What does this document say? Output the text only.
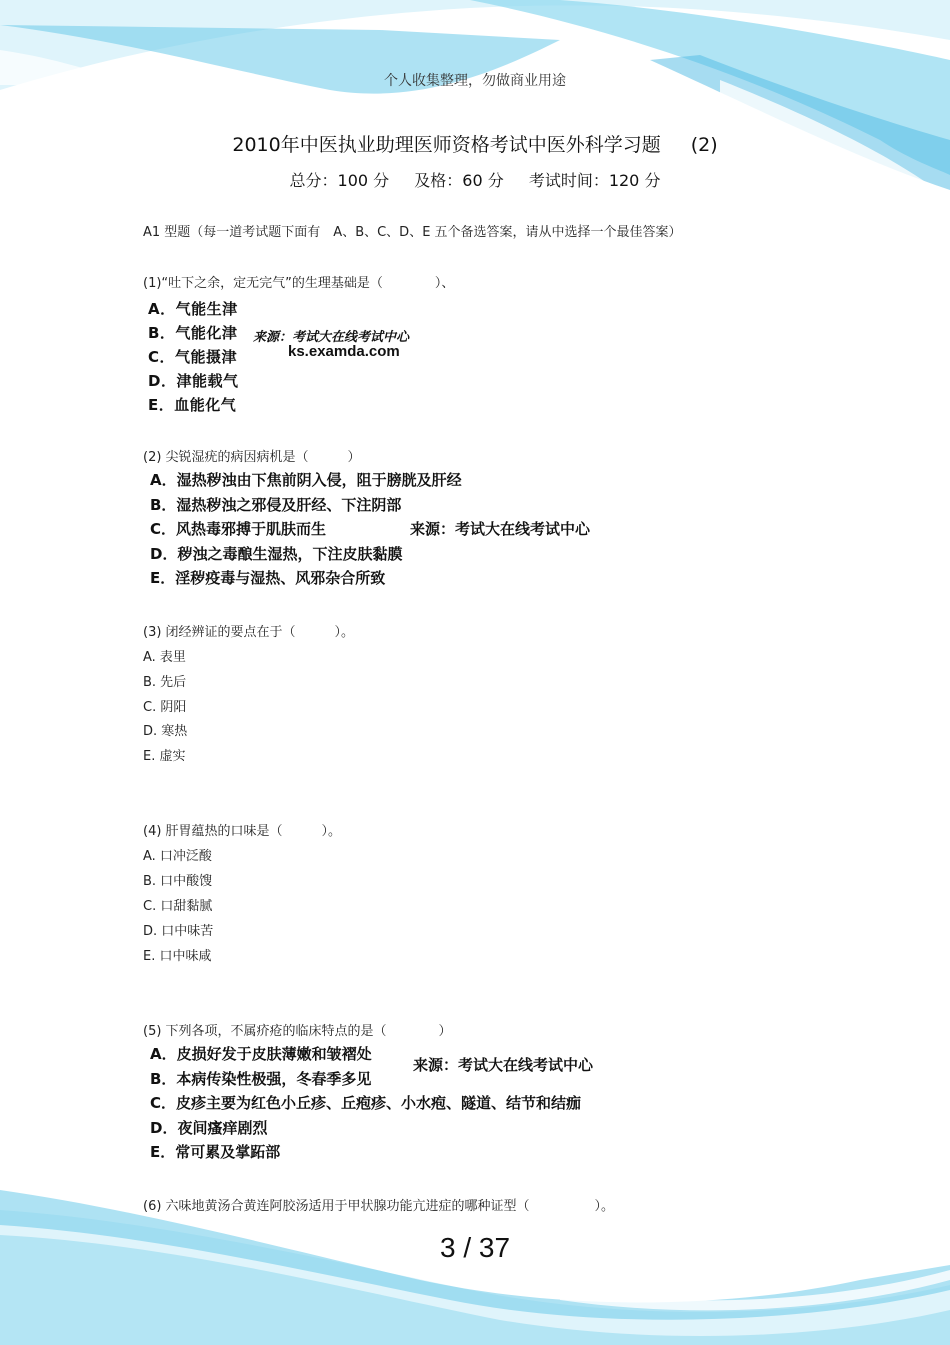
个人收集整理，勿做商业用途
2010年中医执业助理医师资格考试中医外科学习题 (2)
总分：100 分 及格：60 分 考试时间：120 分
A1 型题（每一道考试题下面有　A、B、C、D、E 五个备选答案，请从中选择一个最佳答案）
(1)“吐下之余，定无完气”的生理基础是（　　　　）、
A．气能生津
B．气能化津
C．气能摄津
D．津能载气
E．血能化气
来源：考试大在线考试中心
ks.examda.com
(2) 尖锐湿疣的病因病机是（　　　）
A．湿热秽浊由下焦前阴入侵，阻于膀胱及肝经
B．湿热秽浊之邪侵及肝经、下注阴部
C．风热毒邪搏于肌肤而生
D．秽浊之毒酿生湿热，下注皮肤黏膜
E．淫秽疫毒与湿热、风邪杂合所致
来源：考试大在线考试中心
(3) 闭经辨证的要点在于（　　　）。
A. 表里
B. 先后
C. 阴阳
D. 寒热
E. 虚实
(4) 肝胃蕴热的口味是（　　　）。
A. 口冲泛酸
B. 口中酸馊
C. 口甜黏腻
D. 口中味苦
E. 口中味咸
(5) 下列各项，不属疥疮的临床特点的是（　　　　）
A．皮损好发于皮肤薄嫩和皱褶处
B．本病传染性极强，冬春季多见
C．皮疹主要为红色小丘疹、丘疱疹、小水疱、隧道、结节和结痂
D．夜间瘙痒剧烈
E．常可累及掌跖部
来源：考试大在线考试中心
(6) 六味地黄汤合黄连阿胶汤适用于甲状腺功能亢进症的哪种证型（　　　　　）。
3 / 37
